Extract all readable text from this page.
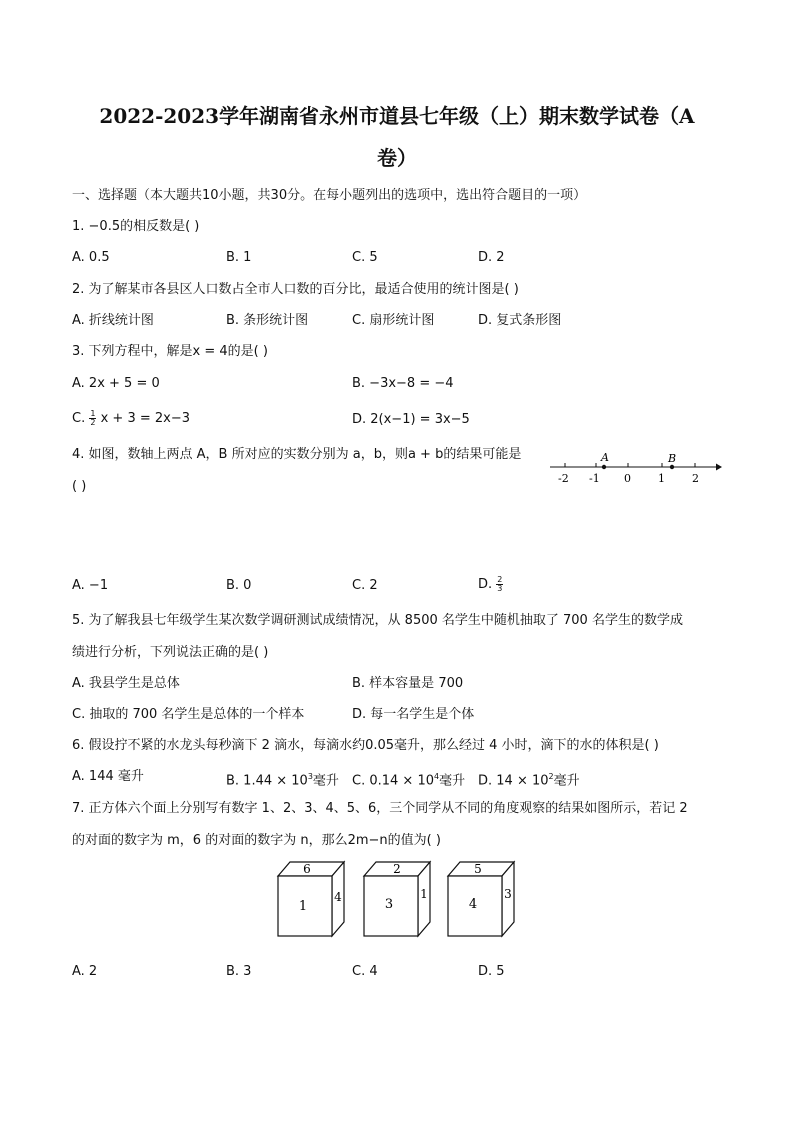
2022-2023学年湖南省永州市道县七年级（上）期末数学试卷（A
卷）
一、选择题（本大题共10小题，共30分。在每小题列出的选项中，选出符合题目的一项）
1. −0.5的相反数是( )
A. 0.5	B. 1	C. 5	D. 2
2. 为了解某市各县区人口数占全市人口数的百分比，最适合使用的统计图是( )
A. 折线统计图	B. 条形统计图	C. 扇形统计图	D. 复式条形图
3. 下列方程中，解是x = 4的是( )
A. 2x + 5 = 0	B. −3x−8 = −4
C. $\frac{1}{2}$ x + 3 = 2x−3	D. 2(x−1) = 3x−5
4. 如图，数轴上两点 A，B 所对应的实数分别为 a，b，则a + b的结果可能是
( )
A	B
-2 -1 0 1 2
A. −1	B. 0	C. 2	D. $\frac{2}{3}$
5. 为了解我县七年级学生某次数学调研测试成绩情况，从 8500 名学生中随机抽取了 700 名学生的数学成
绩进行分析，下列说法正确的是( )
A. 我县学生是总体	B. 样本容量是 700
C. 抽取的 700 名学生是总体的一个样本	D. 每一名学生是个体
6. 假设拧不紧的水龙头每秒滴下 2 滴水，每滴水约0.05毫升，那么经过 4 小时，滴下的水的体积是( )
A. 144 毫升	B. $1.44 \times 10^3$毫升 C. $0.14 \times 10^4$毫升 D. $14 \times 10^2$毫升
7. 正方体六个面上分别写有数字 1、2、3、4、5、6，三个同学从不同的角度观察的结果如图所示，若记 2
的对面的数字为 m，6 的对面的数字为 n，那么2m−n的值为( )
6
1
4
2
3
1
5
4
3
A. 2	B. 3	C. 4	D. 5
